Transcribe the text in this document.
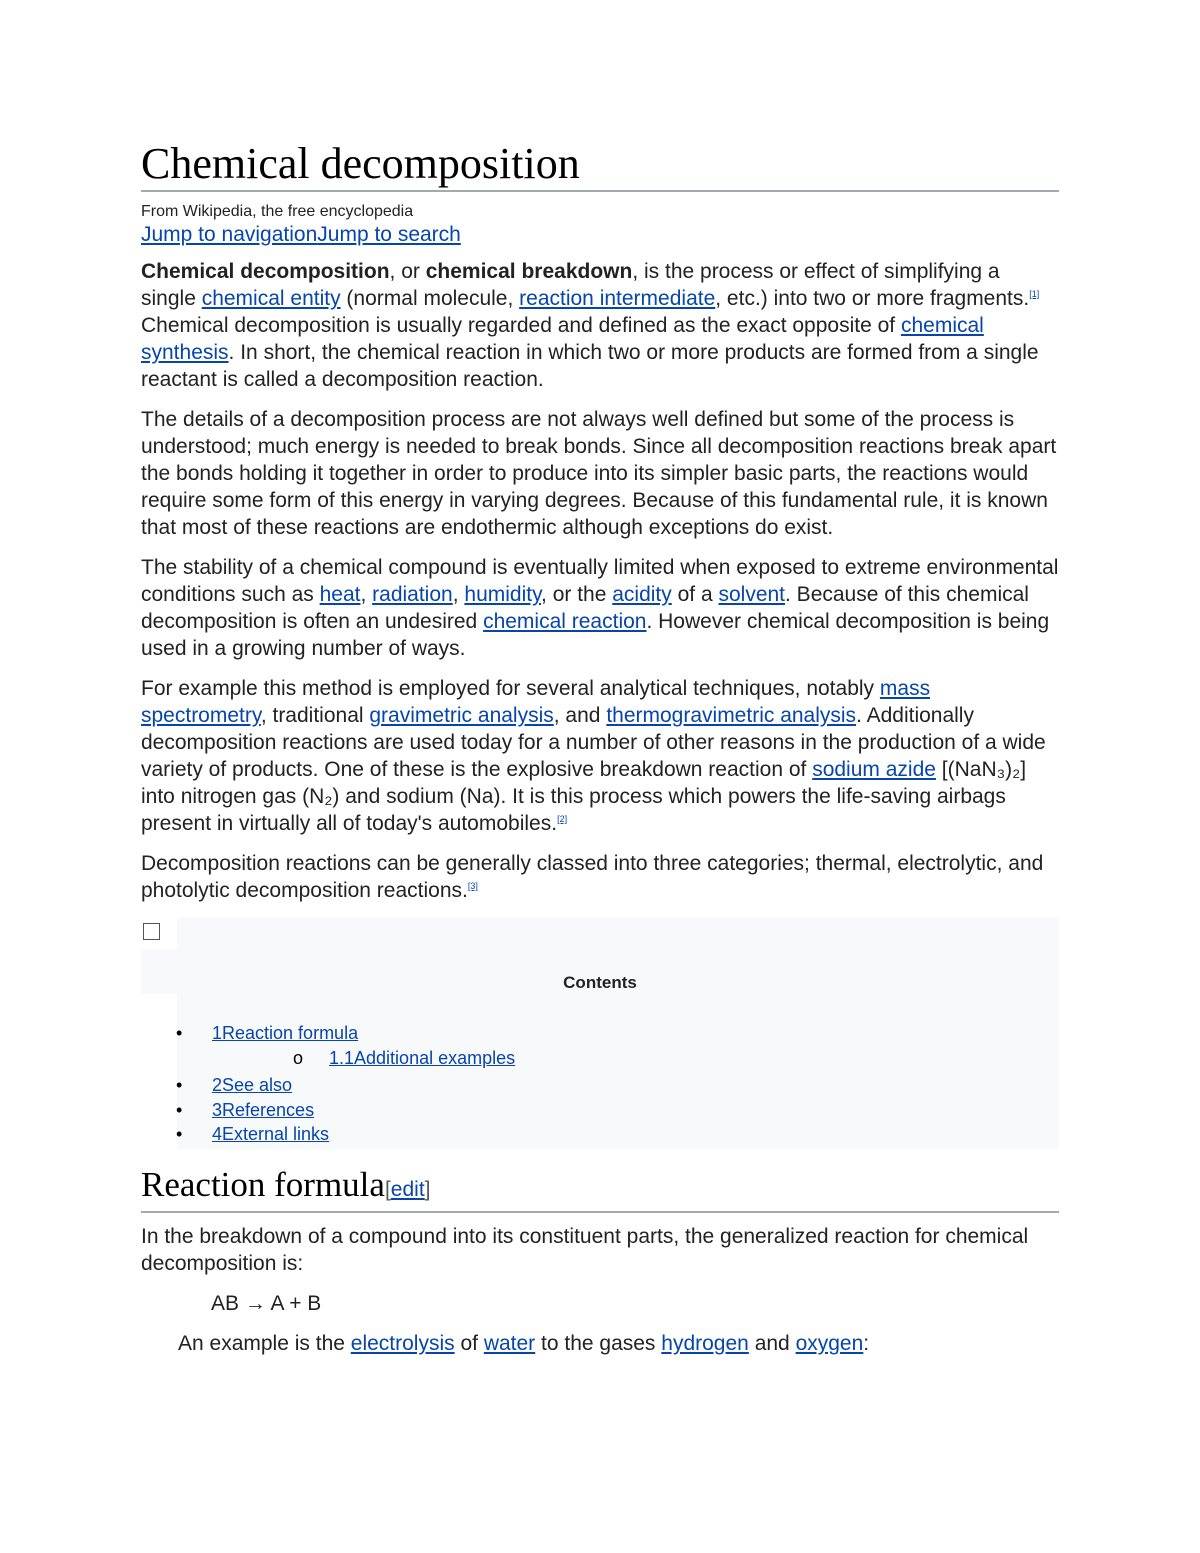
Chemical decomposition
From Wikipedia, the free encyclopedia
Jump to navigationJump to search

Chemical decomposition, or chemical breakdown, is the process or effect of simplifying a single chemical entity (normal molecule, reaction intermediate, etc.) into two or more fragments.[1] Chemical decomposition is usually regarded and defined as the exact opposite of chemical synthesis. In short, the chemical reaction in which two or more products are formed from a single reactant is called a decomposition reaction.

The details of a decomposition process are not always well defined but some of the process is understood; much energy is needed to break bonds. Since all decomposition reactions break apart the bonds holding it together in order to produce into its simpler basic parts, the reactions would require some form of this energy in varying degrees. Because of this fundamental rule, it is known that most of these reactions are endothermic although exceptions do exist.

The stability of a chemical compound is eventually limited when exposed to extreme environmental conditions such as heat, radiation, humidity, or the acidity of a solvent. Because of this chemical decomposition is often an undesired chemical reaction. However chemical decomposition is being used in a growing number of ways.

For example this method is employed for several analytical techniques, notably mass spectrometry, traditional gravimetric analysis, and thermogravimetric analysis. Additionally decomposition reactions are used today for a number of other reasons in the production of a wide variety of products. One of these is the explosive breakdown reaction of sodium azide [(NaN₃)₂] into nitrogen gas (N₂) and sodium (Na). It is this process which powers the life-saving airbags present in virtually all of today's automobiles.[2]

Decomposition reactions can be generally classed into three categories; thermal, electrolytic, and photolytic decomposition reactions.[3]

Contents
• 1Reaction formula
o 1.1Additional examples
• 2See also
• 3References
• 4External links
Reaction formula[edit]

In the breakdown of a compound into its constituent parts, the generalized reaction for chemical decomposition is:

AB → A + B

An example is the electrolysis of water to the gases hydrogen and oxygen:
